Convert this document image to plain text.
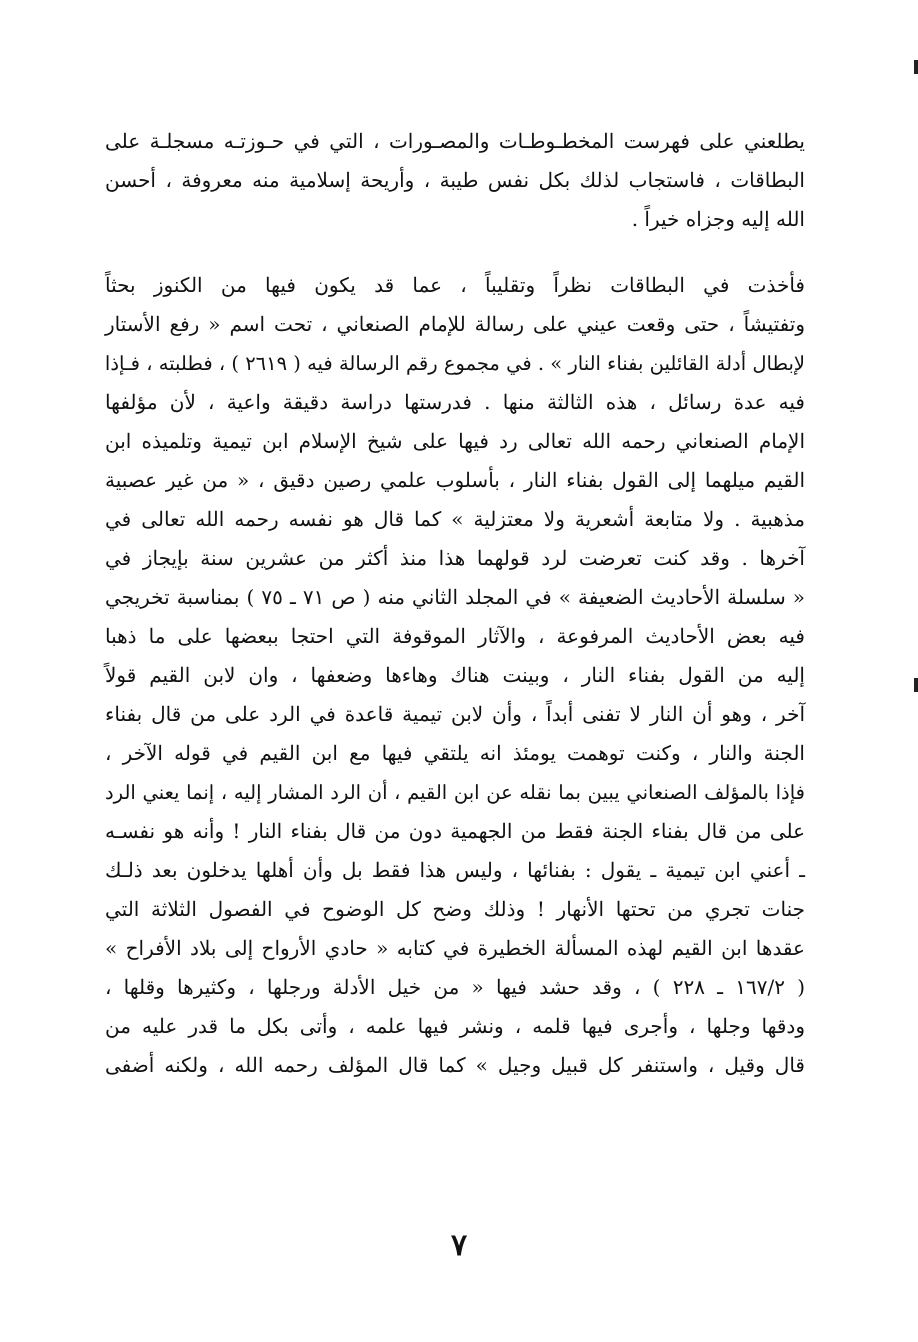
يطلعني على فهرست المخطـوطـات والمصـورات ، التي في حـوزتـه مسجلـة على
البطاقات ، فاستجاب لذلك بكل نفس طيبة ، وأريحة إسلامية منه معروفة ، أحسن
الله إليه وجزاه خيراً .
فأخذت في البطاقات نظراً وتقليباً ، عما قد يكون فيها من الكنوز بحثاً
وتفتيشاً ، حتى وقعت عيني على رسالة للإمام الصنعاني ، تحت اسم « رفع الأستار
لإبطال أدلة القائلين بفناء النار » . في مجموع رقم الرسالة فيه ( ٢٦١٩ ) ، فطلبته ، فـإذا
فيه عدة رسائل ، هذه الثالثة منها . فدرستها دراسة دقيقة واعية ، لأن مؤلفها
الإمام الصنعاني رحمه الله تعالى رد فيها على شيخ الإسلام ابن تيمية وتلميذه ابن
القيم ميلهما إلى القول بفناء النار ، بأسلوب علمي رصين دقيق ، « من غير عصبية
مذهبية . ولا متابعة أشعرية ولا معتزلية » كما قال هو نفسه رحمه الله تعالى في
آخرها . وقد كنت تعرضت لرد قولهما هذا منذ أكثر من عشرين سنة بإيجاز في
« سلسلة الأحاديث الضعيفة » في المجلد الثاني منه ( ص ٧١ ـ ٧٥ ) بمناسبة تخريجي
فيه بعض الأحاديث المرفوعة ، والآثار الموقوفة التي احتجا ببعضها على ما ذهبا
إليه من القول بفناء النار ، وبينت هناك وهاءها وضعفها ، وان لابن القيم قولاً
آخر ، وهو أن النار لا تفنى أبداً ، وأن لابن تيمية قاعدة في الرد على من قال بفناء
الجنة والنار ، وكنت توهمت يومئذ انه يلتقي فيها مع ابن القيم في قوله الآخر ،
فإذا بالمؤلف الصنعاني يبين بما نقله عن ابن القيم ، أن الرد المشار إليه ، إنما يعني الرد
على من قال بفناء الجنة فقط من الجهمية دون من قال بفناء النار ! وأنه هو نفسـه
ـ أعني ابن تيمية ـ يقول : بفنائها ، وليس هذا فقط بل وأن أهلها يدخلون بعد ذلـك
جنات تجري من تحتها الأنهار ! وذلك وضح كل الوضوح في الفصول الثلاثة التي
عقدها ابن القيم لهذه المسألة الخطيرة في كتابه « حادي الأرواح إلى بلاد الأفراح »
( ١٦٧/٢ ـ ٢٢٨ ) ، وقد حشد فيها « من خيل الأدلة ورجلها ، وكثيرها وقلها ،
ودقها وجلها ، وأجرى فيها قلمه ، ونشر فيها علمه ، وأتى بكل ما قدر عليه من
قال وقيل ، واستنفر كل قبيل وجيل » كما قال المؤلف رحمه الله ، ولكنه أضفى
٧
